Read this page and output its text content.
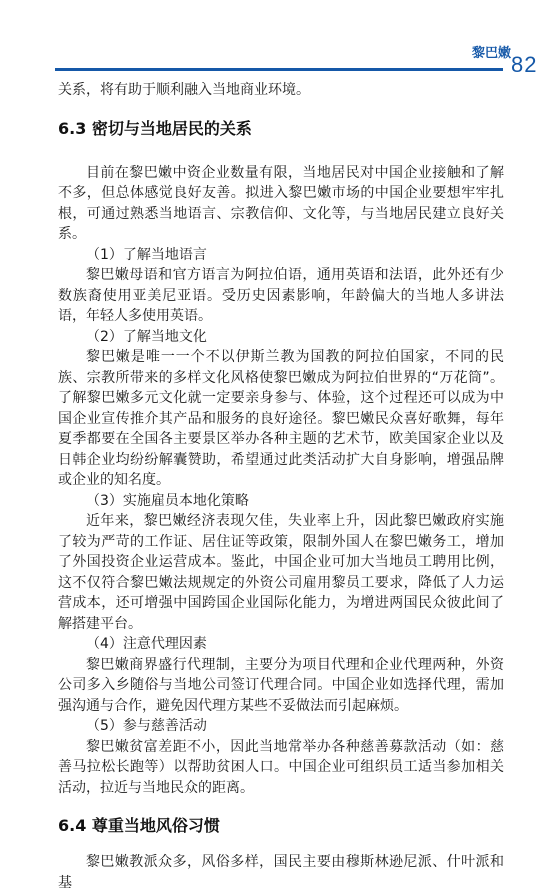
黎巴嫩 82

关系，将有助于顺利融入当地商业环境。

6.3 密切与当地居民的关系

目前在黎巴嫩中资企业数量有限，当地居民对中国企业接触和了解不多，但总体感觉良好友善。拟进入黎巴嫩市场的中国企业要想牢牢扎根，可通过熟悉当地语言、宗教信仰、文化等，与当地居民建立良好关系。

（1）了解当地语言

黎巴嫩母语和官方语言为阿拉伯语，通用英语和法语，此外还有少数族裔使用亚美尼亚语。受历史因素影响，年龄偏大的当地人多讲法语，年轻人多使用英语。

（2）了解当地文化

黎巴嫩是唯一一个不以伊斯兰教为国教的阿拉伯国家，不同的民族、宗教所带来的多样文化风格使黎巴嫩成为阿拉伯世界的“万花筒”。了解黎巴嫩多元文化就一定要亲身参与、体验，这个过程还可以成为中国企业宣传推介其产品和服务的良好途径。黎巴嫩民众喜好歌舞，每年夏季都要在全国各主要景区举办各种主题的艺术节，欧美国家企业以及日韩企业均纷纷解囊赞助，希望通过此类活动扩大自身影响，增强品牌或企业的知名度。

（3）实施雇员本地化策略

近年来，黎巴嫩经济表现欠佳，失业率上升，因此黎巴嫩政府实施了较为严苛的工作证、居住证等政策，限制外国人在黎巴嫩务工，增加了外国投资企业运营成本。鉴此，中国企业可加大当地员工聘用比例，这不仅符合黎巴嫩法规规定的外资公司雇用黎员工要求，降低了人力运营成本，还可增强中国跨国企业国际化能力，为增进两国民众彼此间了解搭建平台。

（4）注意代理因素

黎巴嫩商界盛行代理制，主要分为项目代理和企业代理两种，外资公司多入乡随俗与当地公司签订代理合同。中国企业如选择代理，需加强沟通与合作，避免因代理方某些不妥做法而引起麻烦。

（5）参与慈善活动

黎巴嫩贫富差距不小，因此当地常举办各种慈善募款活动（如：慈善马拉松长跑等）以帮助贫困人口。中国企业可组织员工适当参加相关活动，拉近与当地民众的距离。

6.4 尊重当地风俗习惯

黎巴嫩教派众多，风俗多样，国民主要由穆斯林逊尼派、什叶派和基
